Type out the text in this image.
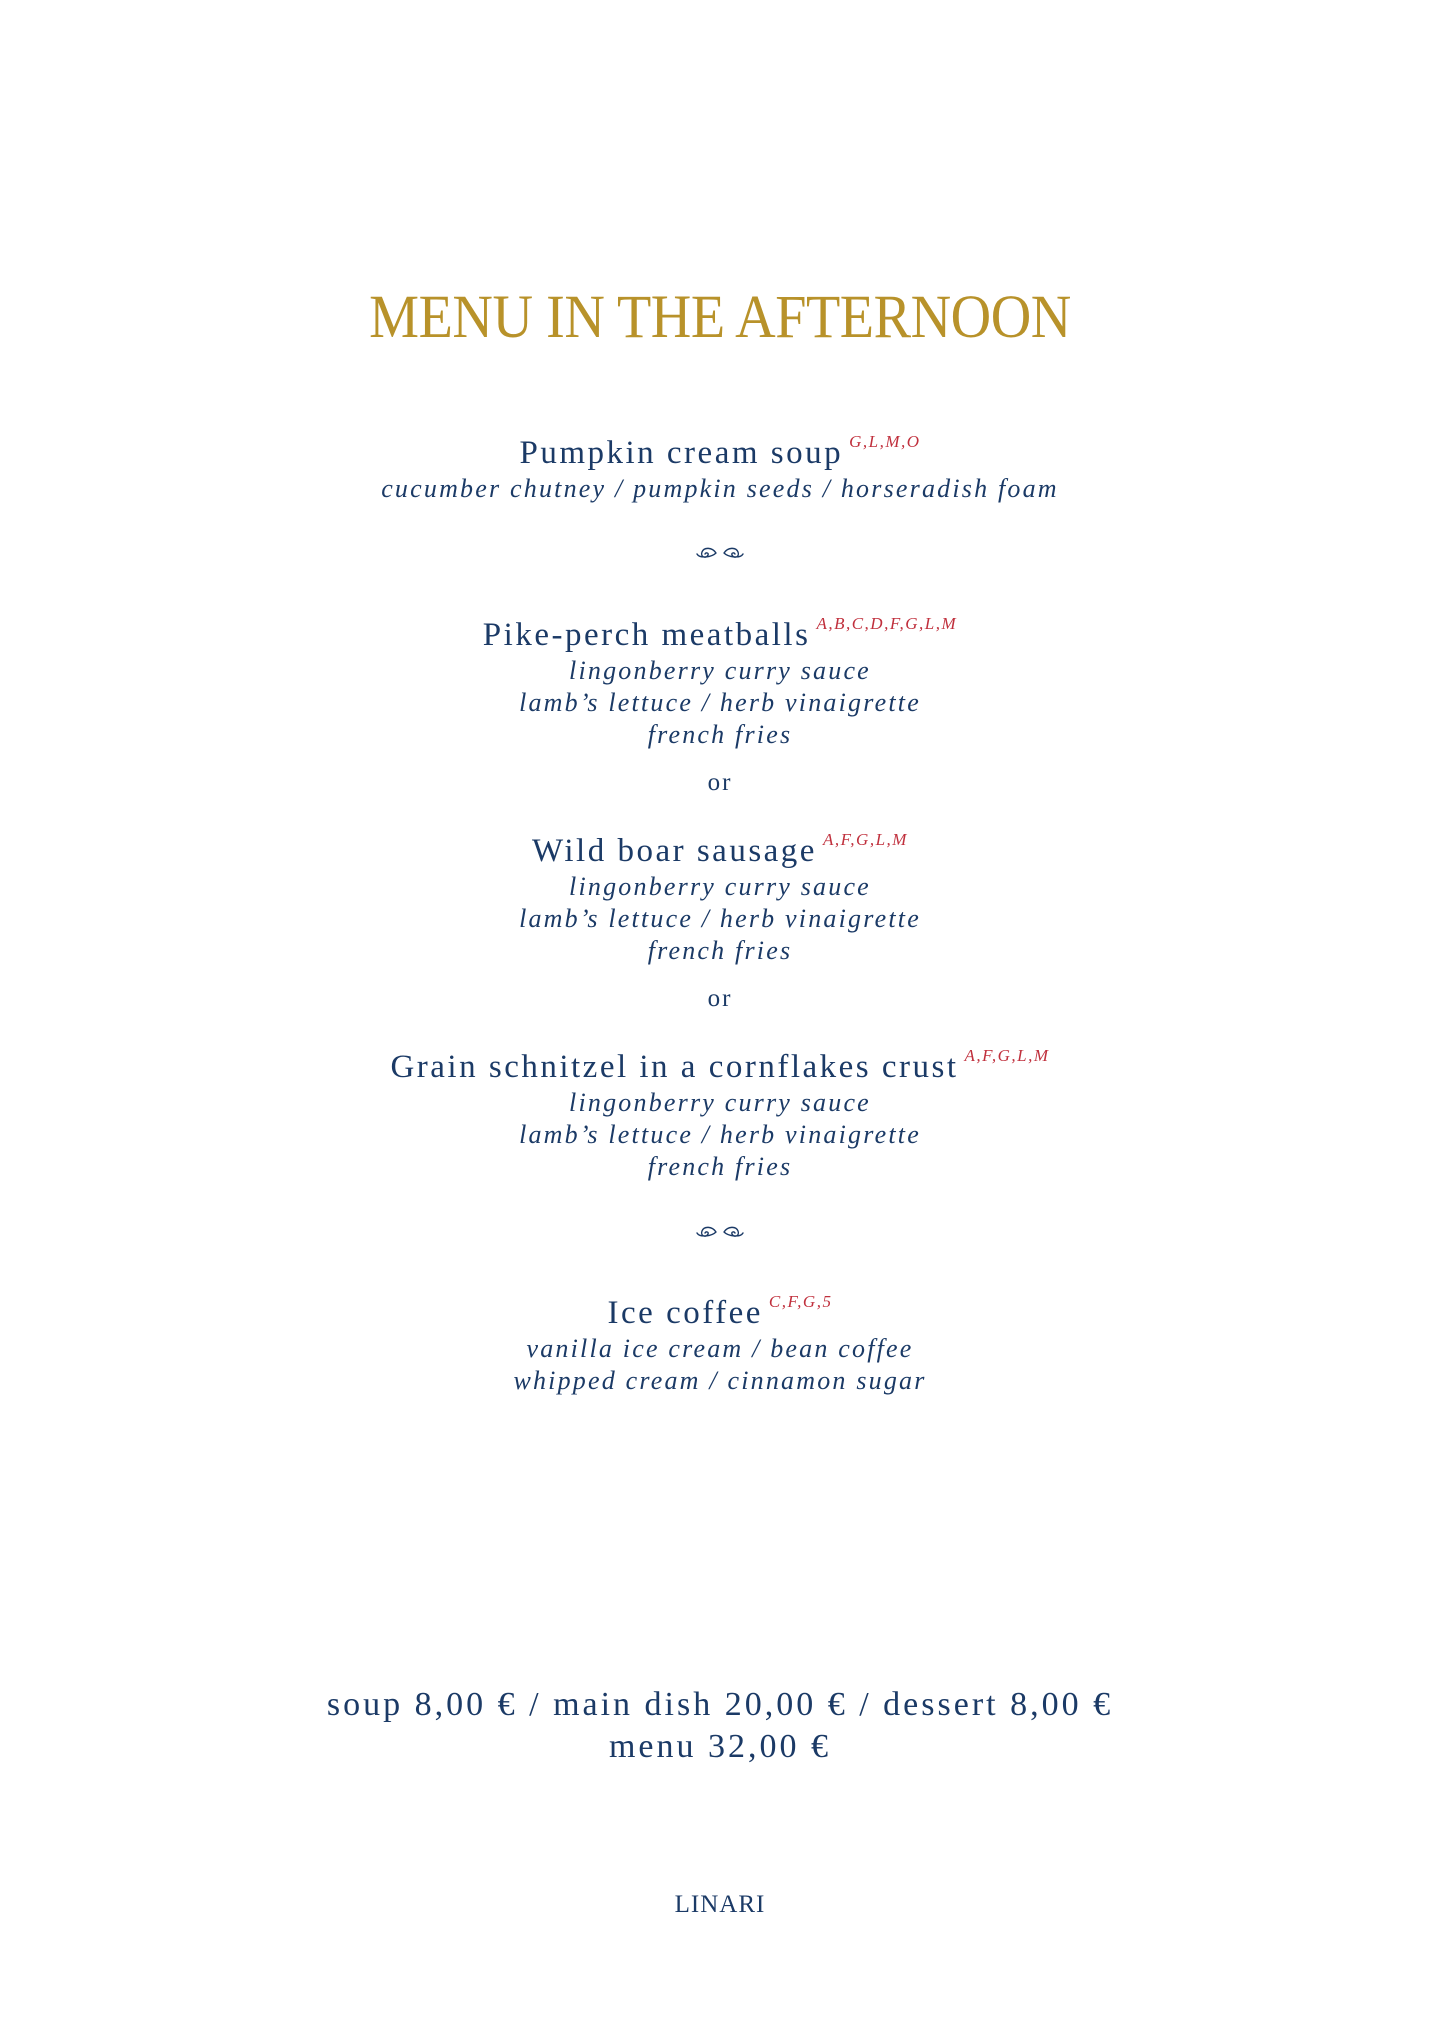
MENU IN THE AFTERNOON
Pumpkin cream soup $^{G,L,M,O}$
cucumber chutney / pumpkin seeds / horseradish foam
Pike-perch meatballs $^{A,B,C,D,F,G,L,M}$
lingonberry curry sauce
lamb’s lettuce / herb vinaigrette
french fries
or
Wild boar sausage $^{A,F,G,L,M}$
lingonberry curry sauce
lamb’s lettuce / herb vinaigrette
french fries
or
Grain schnitzel in a cornflakes crust $^{A,F,G,L,M}$
lingonberry curry sauce
lamb’s lettuce / herb vinaigrette
french fries
Ice coffee $^{C,F,G,5}$
vanilla ice cream / bean coffee
whipped cream / cinnamon sugar
soup 8,00 € / main dish 20,00 € / dessert 8,00 €
menu 32,00 €
LINARI
